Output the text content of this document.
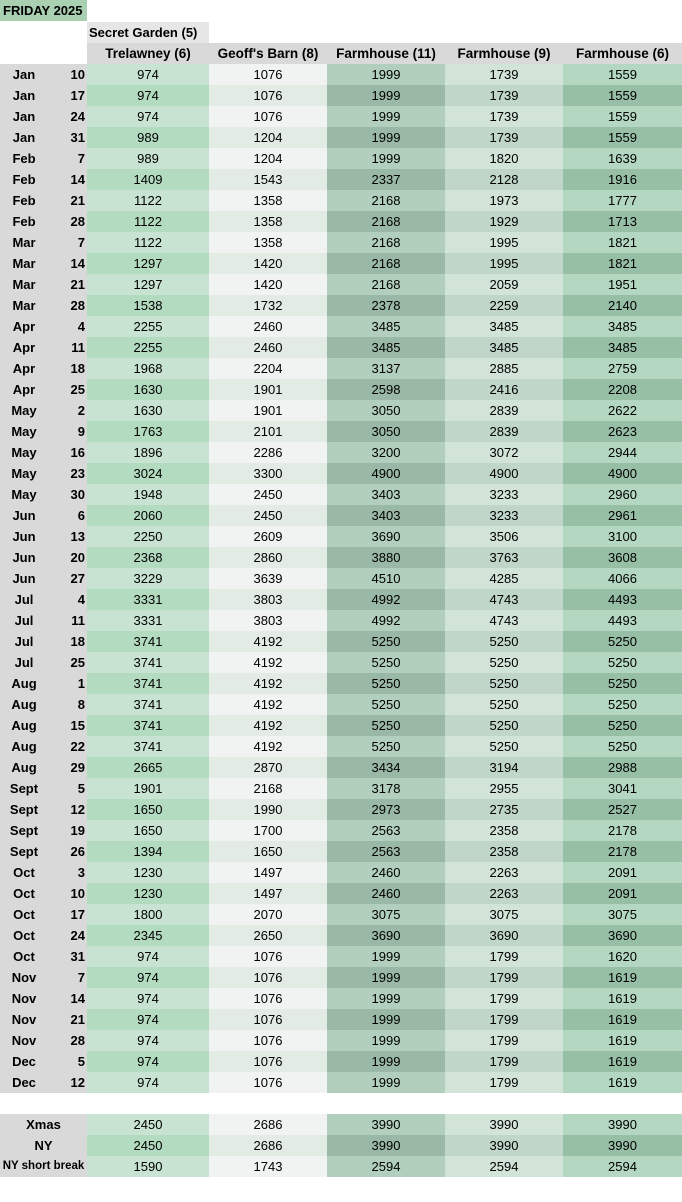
FRIDAY 2025
Secret Garden (5)
Trelawney (6)	Geoff's Barn (8)	Farmhouse (11)	Farmhouse (9)	Farmhouse (6)
Jan	10	974	1076	1999	1739	1559
Jan	17	974	1076	1999	1739	1559
Jan	24	974	1076	1999	1739	1559
Jan	31	989	1204	1999	1739	1559
Feb	7	989	1204	1999	1820	1639
Feb	14	1409	1543	2337	2128	1916
Feb	21	1122	1358	2168	1973	1777
Feb	28	1122	1358	2168	1929	1713
Mar	7	1122	1358	2168	1995	1821
Mar	14	1297	1420	2168	1995	1821
Mar	21	1297	1420	2168	2059	1951
Mar	28	1538	1732	2378	2259	2140
Apr	4	2255	2460	3485	3485	3485
Apr	11	2255	2460	3485	3485	3485
Apr	18	1968	2204	3137	2885	2759
Apr	25	1630	1901	2598	2416	2208
May	2	1630	1901	3050	2839	2622
May	9	1763	2101	3050	2839	2623
May	16	1896	2286	3200	3072	2944
May	23	3024	3300	4900	4900	4900
May	30	1948	2450	3403	3233	2960
Jun	6	2060	2450	3403	3233	2961
Jun	13	2250	2609	3690	3506	3100
Jun	20	2368	2860	3880	3763	3608
Jun	27	3229	3639	4510	4285	4066
Jul	4	3331	3803	4992	4743	4493
Jul	11	3331	3803	4992	4743	4493
Jul	18	3741	4192	5250	5250	5250
Jul	25	3741	4192	5250	5250	5250
Aug	1	3741	4192	5250	5250	5250
Aug	8	3741	4192	5250	5250	5250
Aug	15	3741	4192	5250	5250	5250
Aug	22	3741	4192	5250	5250	5250
Aug	29	2665	2870	3434	3194	2988
Sept	5	1901	2168	3178	2955	3041
Sept	12	1650	1990	2973	2735	2527
Sept	19	1650	1700	2563	2358	2178
Sept	26	1394	1650	2563	2358	2178
Oct	3	1230	1497	2460	2263	2091
Oct	10	1230	1497	2460	2263	2091
Oct	17	1800	2070	3075	3075	3075
Oct	24	2345	2650	3690	3690	3690
Oct	31	974	1076	1999	1799	1620
Nov	7	974	1076	1999	1799	1619
Nov	14	974	1076	1999	1799	1619
Nov	21	974	1076	1999	1799	1619
Nov	28	974	1076	1999	1799	1619
Dec	5	974	1076	1999	1799	1619
Dec	12	974	1076	1999	1799	1619
Xmas	2450	2686	3990	3990	3990
NY	2450	2686	3990	3990	3990
NY short break	1590	1743	2594	2594	2594
